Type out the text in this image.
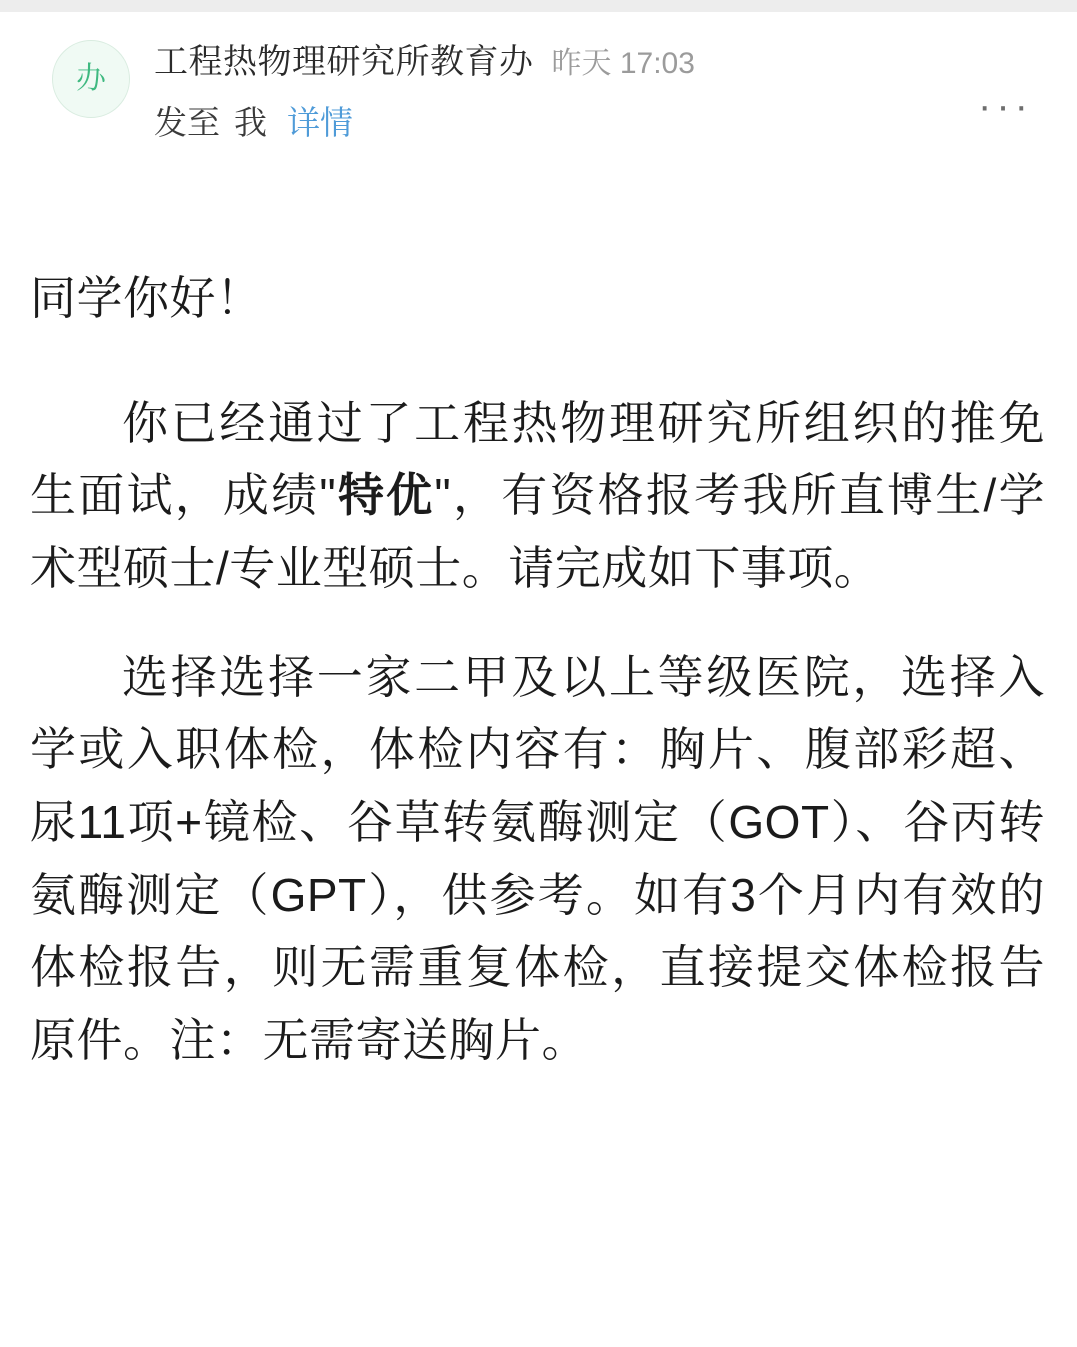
办 工程热物理研究所教育办 昨天 17:03
发至 我 详情	···

同学你好！

你已经通过了工程热物理研究所组织的推免生面试，成绩"特优"，有资格报考我所直博生/学术型硕士/专业型硕士。请完成如下事项。

选择选择一家二甲及以上等级医院，选择入学或入职体检，体检内容有：胸片、腹部彩超、尿11项+镜检、谷草转氨酶测定（GOT）、谷丙转氨酶测定（GPT），供参考。如有3个月内有效的体检报告，则无需重复体检，直接提交体检报告原件。注：无需寄送胸片。
